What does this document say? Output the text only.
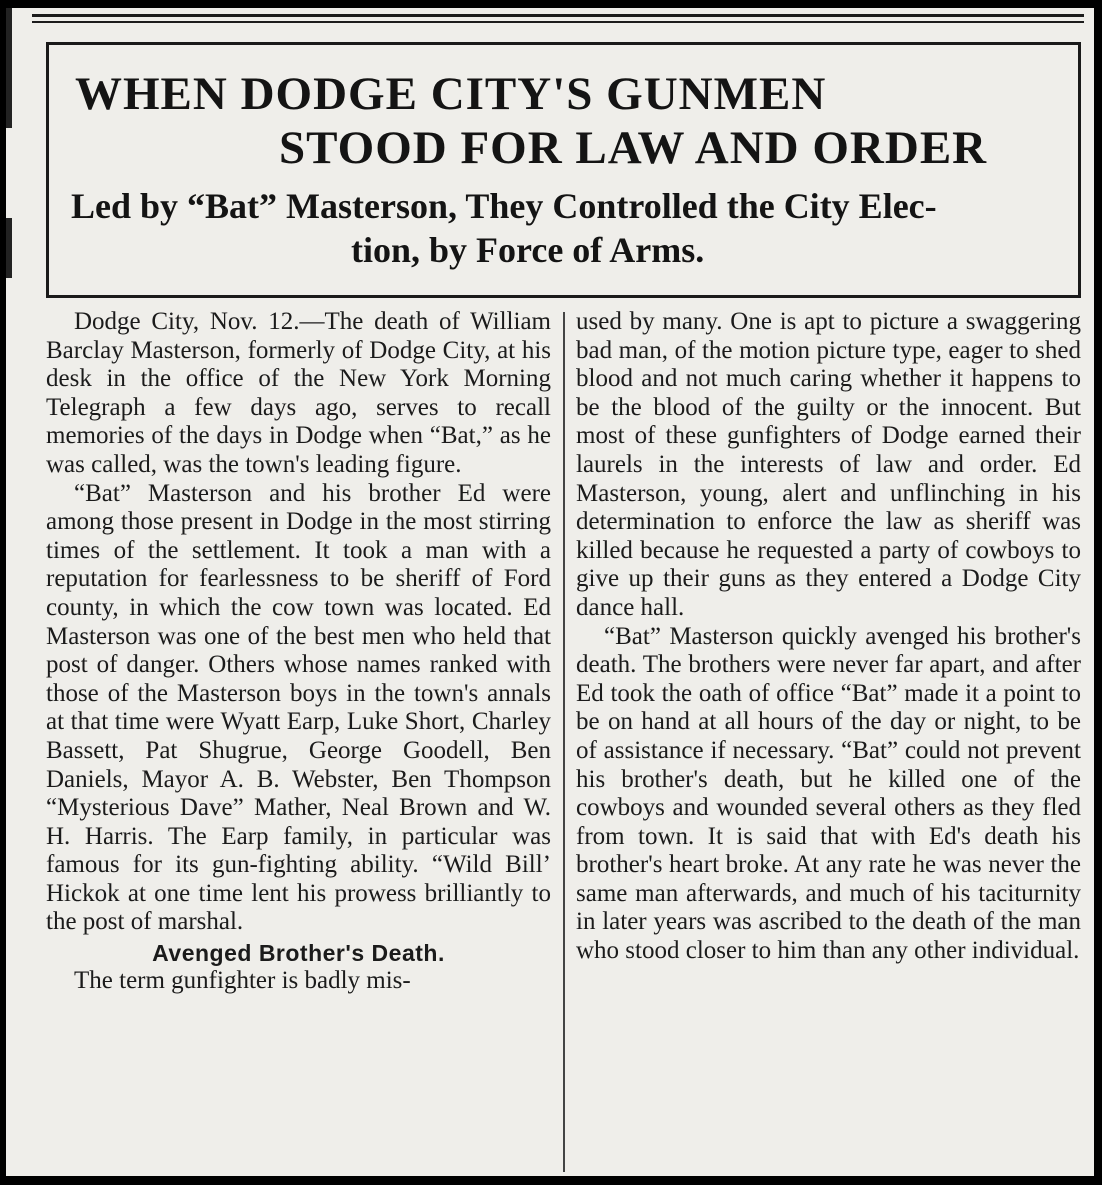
WHEN DODGE CITY'S GUNMEN
STOOD FOR LAW AND ORDER
Led by “Bat” Masterson, They Controlled the City Elec-
tion, by Force of Arms.

Dodge City, Nov. 12.—The death of William Barclay Masterson, formerly of Dodge City, at his desk in the office of the New York Morning Telegraph a few days ago, serves to recall memories of the days in Dodge when “Bat,” as he was called, was the town's leading figure.

“Bat” Masterson and his brother Ed were among those present in Dodge in the most stirring times of the settlement. It took a man with a reputation for fearlessness to be sheriff of Ford county, in which the cow town was located. Ed Masterson was one of the best men who held that post of danger. Others whose names ranked with those of the Masterson boys in the town's annals at that time were Wyatt Earp, Luke Short, Charley Bassett, Pat Shugrue, George Goodell, Ben Daniels, Mayor A. B. Webster, Ben Thompson “Mysterious Dave” Mather, Neal Brown and W. H. Harris. The Earp family, in particular was famous for its gun-fighting ability. “Wild Bill’ Hickok at one time lent his prowess brilliantly to the post of marshal.

Avenged Brother's Death.

The term gunfighter is badly mis-

used by many. One is apt to picture a swaggering bad man, of the motion picture type, eager to shed blood and not much caring whether it happens to be the blood of the guilty or the innocent. But most of these gunfighters of Dodge earned their laurels in the interests of law and order. Ed Masterson, young, alert and unflinching in his determination to enforce the law as sheriff was killed because he requested a party of cowboys to give up their guns as they entered a Dodge City dance hall.

“Bat” Masterson quickly avenged his brother's death. The brothers were never far apart, and after Ed took the oath of office “Bat” made it a point to be on hand at all hours of the day or night, to be of assistance if necessary. “Bat” could not prevent his brother's death, but he killed one of the cowboys and wounded several others as they fled from town. It is said that with Ed's death his brother's heart broke. At any rate he was never the same man afterwards, and much of his taciturnity in later years was ascribed to the death of the man who stood closer to him than any other individual.
